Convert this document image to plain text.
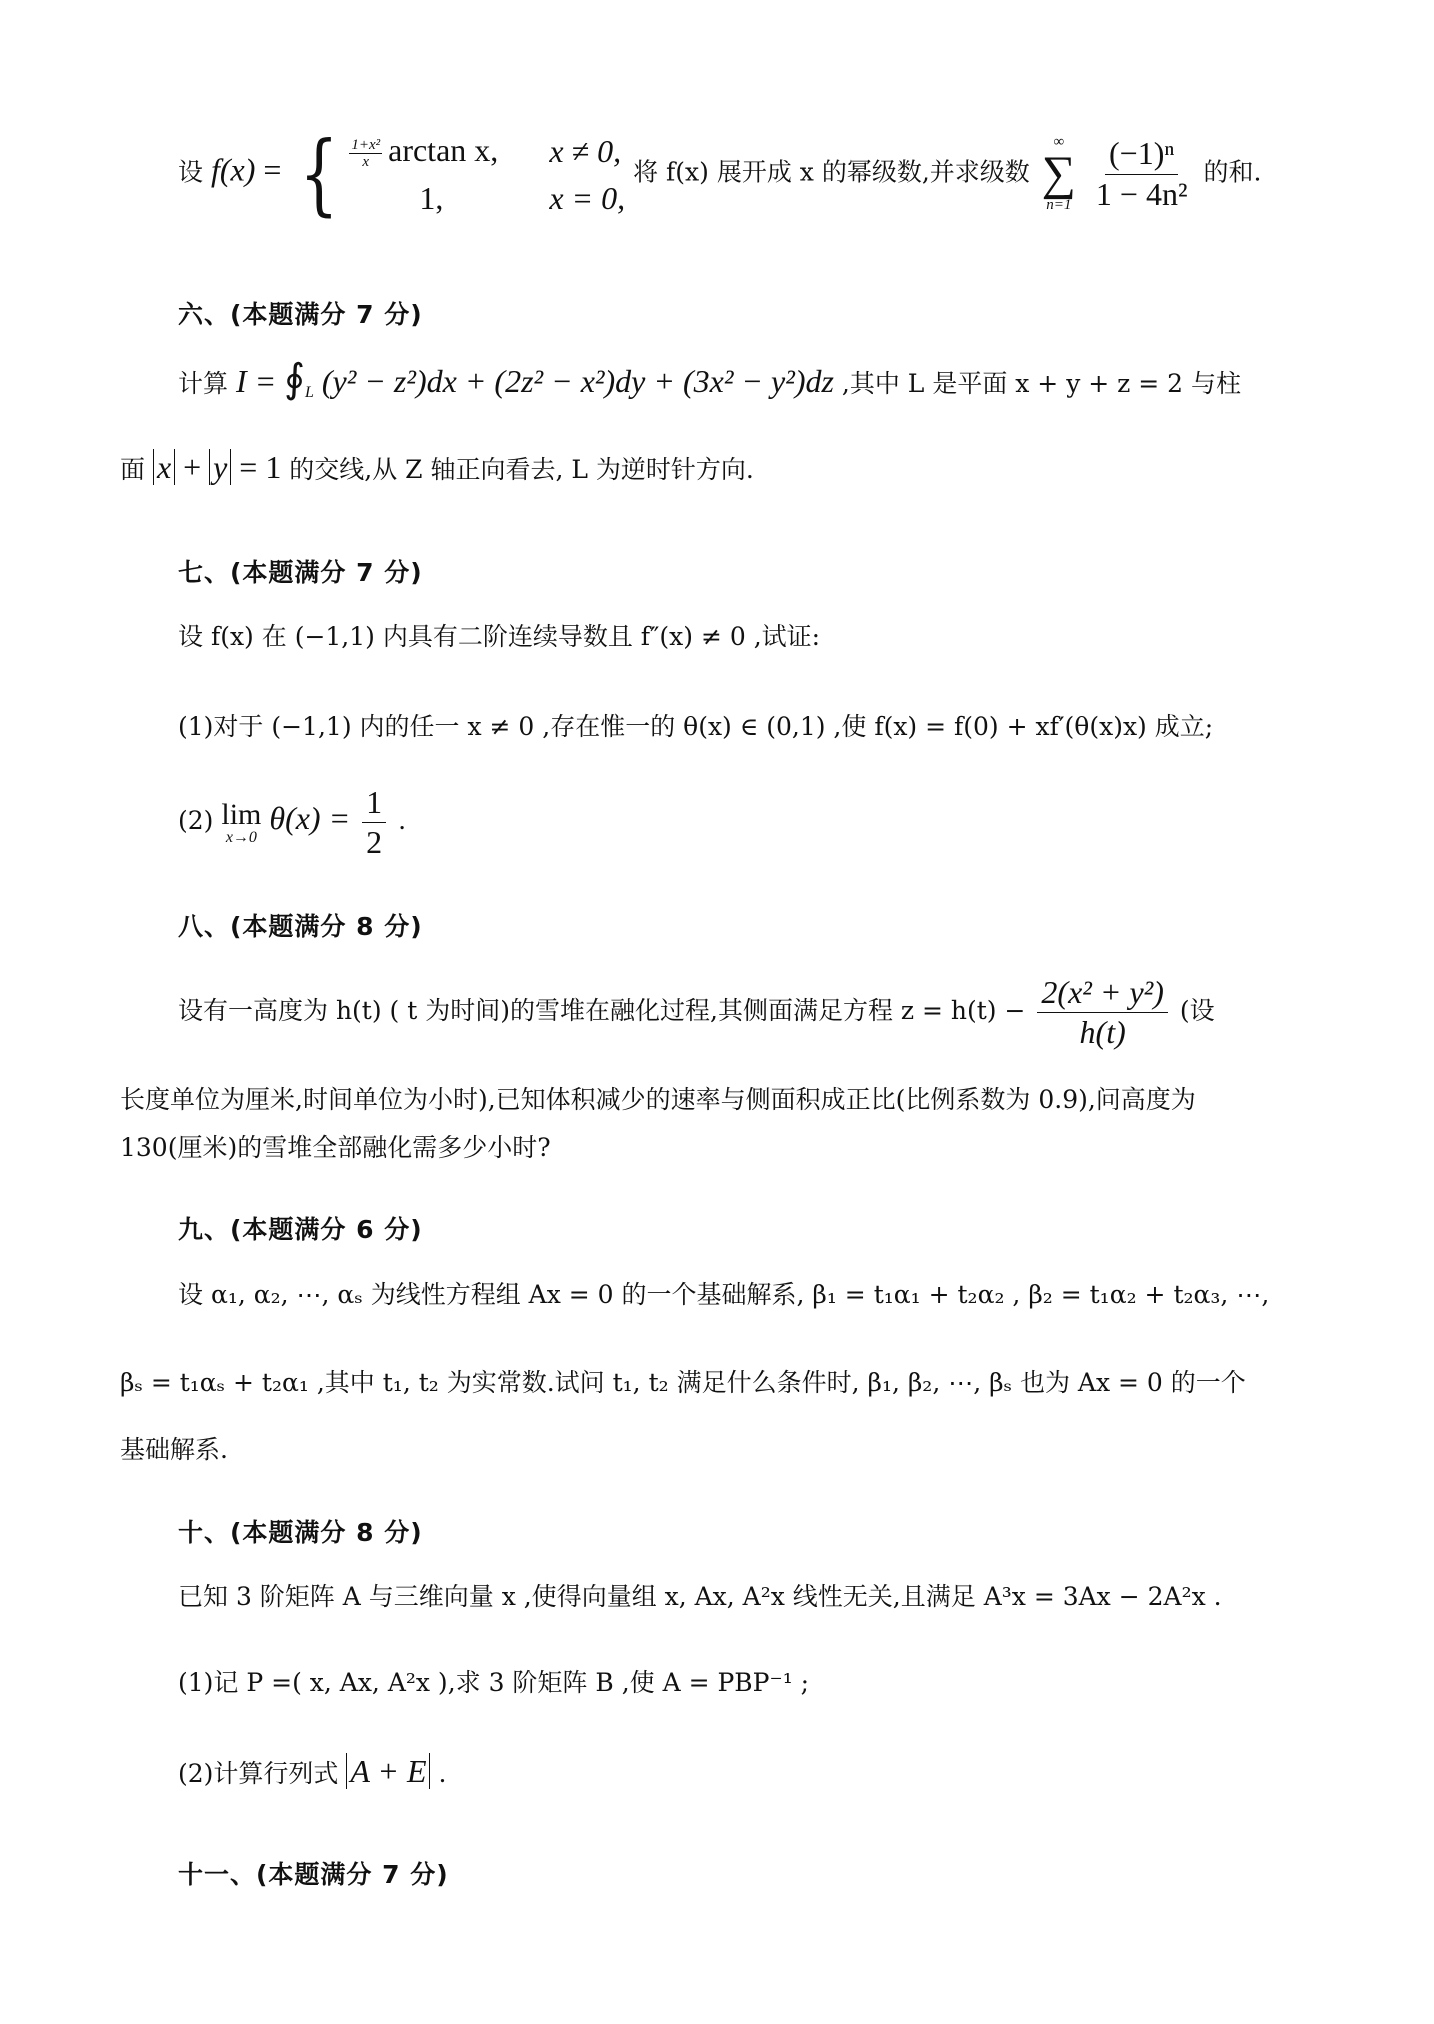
设 f(x) = { $\frac{\text{1+x²}}{x}$ arctan x,	x ≠ 0,
1,	x = 0,
将 f(x) 展开成 x 的幂级数,并求级数
∞
∑
n=1
$\frac{\text{(−1)ⁿ}}{\text{1 − 4n²}}$ 的和.
六、(本题满分 7 分)
计算 $I = ∮_L$ (y² − z²)dx + (2z² − x²)dy + (3x² − y²)dz ,其中 L 是平面 x + y + z = 2 与柱
面 x + y = 1 的交线,从 Z 轴正向看去, L 为逆时针方向.
七、(本题满分 7 分)
设 f(x) 在 (−1,1) 内具有二阶连续导数且 f″(x) ≠ 0 ,试证:
(1)对于 (−1,1) 内的任一 x ≠ 0 ,存在惟一的 θ(x) ∈ (0,1) ,使 f(x) = f(0) + xf′(θ(x)x) 成立;
(2) lim
x→0
$\theta(x) = \frac{1}{2}$ .
八、(本题满分 8 分)
设有一高度为 h(t) ( t 为时间)的雪堆在融化过程,其侧面满足方程 $z = h(t) - \frac{\text{2(x² + y²)}}{h(t)}$ (设
长度单位为厘米,时间单位为小时),已知体积减少的速率与侧面积成正比(比例系数为 0.9),问高度为
130(厘米)的雪堆全部融化需多少小时?
九、(本题满分 6 分)
设 α₁, α₂, ⋯, αₛ 为线性方程组 Ax = 0 的一个基础解系, β₁ = t₁α₁ + t₂α₂ , β₂ = t₁α₂ + t₂α₃, ⋯,
βₛ = t₁αₛ + t₂α₁ ,其中 t₁, t₂ 为实常数.试问 t₁, t₂ 满足什么条件时, β₁, β₂, ⋯, βₛ 也为 Ax = 0 的一个
基础解系.
十、(本题满分 8 分)
已知 3 阶矩阵 A 与三维向量 x ,使得向量组 x, Ax, A²x 线性无关,且满足 A³x = 3Ax − 2A²x .
(1)记 P =( x, Ax, A²x ),求 3 阶矩阵 B ,使 A = PBP⁻¹ ;
(2)计算行列式 A + E .
十一、(本题满分 7 分)
